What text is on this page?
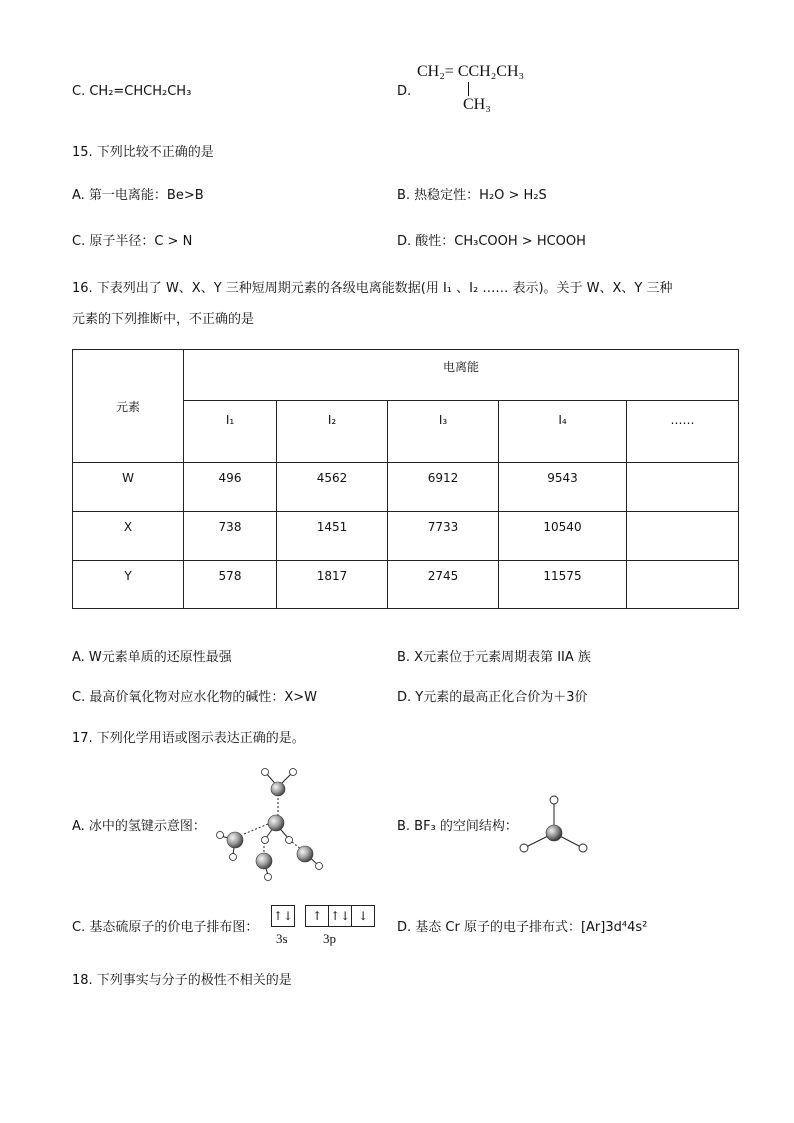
C. CH₂=CHCH₂CH₃	D.
CH₂= CCH₂CH₃
CH₃
15. 下列比较不正确的是
A. 第一电离能：Be>B	B. 热稳定性：H₂O > H₂S
C. 原子半径：C > N	D. 酸性：CH₃COOH > HCOOH
16. 下表列出了 W、X、Y 三种短周期元素的各级电离能数据(用 I₁ 、I₂ …… 表示)。关于 W、X、Y 三种
元素的下列推断中，不正确的是
元素	电离能				
	I₁	I₂	I₃	I₄	……
W	496	4562	6912	9543	
X	738	1451	7733	10540	
Y	578	1817	2745	11575	
A. W元素单质的还原性最强	B. X元素位于元素周期表第 IIA 族
C. 最高价氧化物对应水化物的碱性：X>W	D. Y元素的最高正化合价为＋3价
17. 下列化学用语或图示表达正确的是。
A. 冰中的氢键示意图：	B. BF₃ 的空间结构：
C. 基态硫原子的价电子排布图：
↑↓
	↑ ↑↓ ↓
3s	3p
D. 基态 Cr 原子的电子排布式：[Ar]3d⁴4s²
18. 下列事实与分子的极性不相关的是
